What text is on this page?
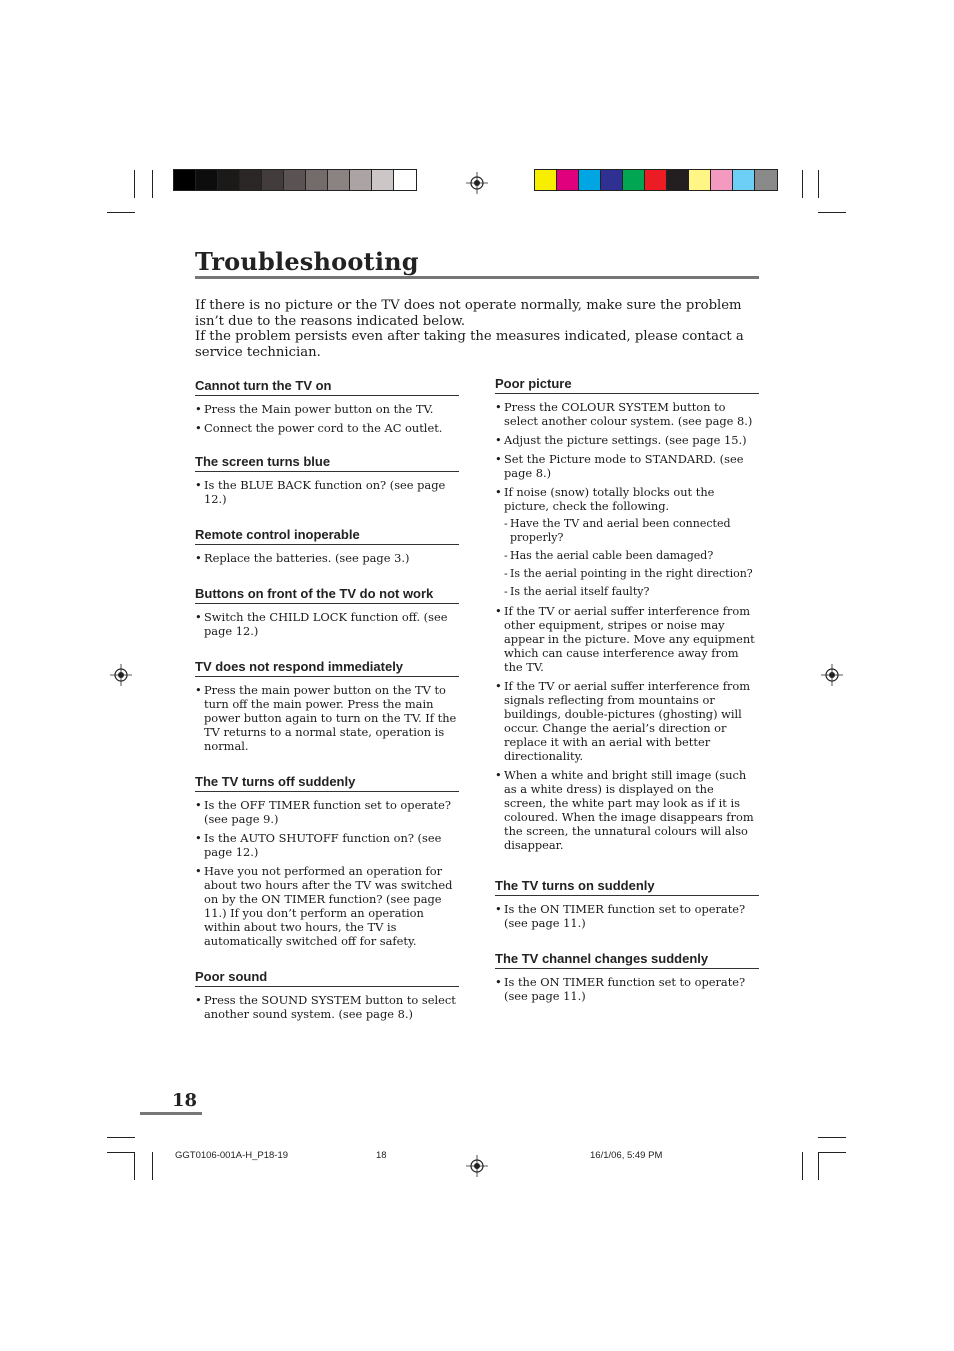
Troubleshooting

If there is no picture or the TV does not operate normally, make sure the problem isn’t due to the reasons indicated below.

If the problem persists even after taking the measures indicated, please contact a service technician.

Cannot turn the TV on
• Press the Main power button on the TV.
• Connect the power cord to the AC outlet.
The screen turns blue
• Is the BLUE BACK function on? (see page 12.)
Remote control inoperable
• Replace the batteries. (see page 3.)
Buttons on front of the TV do not work
• Switch the CHILD LOCK function off. (see page 12.)
TV does not respond immediately
• Press the main power button on the TV to turn off the main power. Press the main power button again to turn on the TV. If the TV returns to a normal state, operation is normal.
The TV turns off suddenly
• Is the OFF TIMER function set to operate? (see page 9.)
• Is the AUTO SHUTOFF function on? (see page 12.)
• Have you not performed an operation for about two hours after the TV was switched on by the ON TIMER function? (see page 11.) If you don’t perform an operation within about two hours, the TV is automatically switched off for safety.
Poor sound
• Press the SOUND SYSTEM button to select another sound system. (see page 8.)
Poor picture
• Press the COLOUR SYSTEM button to select another colour system. (see page 8.)
• Adjust the picture settings. (see page 15.)
• Set the Picture mode to STANDARD. (see page 8.)
• If noise (snow) totally blocks out the picture, check the following.
- Have the TV and aerial been connected properly?
- Has the aerial cable been damaged?
- Is the aerial pointing in the right direction?
- Is the aerial itself faulty?
• If the TV or aerial suffer interference from other equipment, stripes or noise may appear in the picture. Move any equipment which can cause interference away from the TV.
• If the TV or aerial suffer interference from signals reflecting from mountains or buildings, double-pictures (ghosting) will occur. Change the aerial’s direction or replace it with an aerial with better directionality.
• When a white and bright still image (such as a white dress) is displayed on the screen, the white part may look as if it is coloured. When the image disappears from the screen, the unnatural colours will also disappear.
The TV turns on suddenly
• Is the ON TIMER function set to operate? (see page 11.)
The TV channel changes suddenly
• Is the ON TIMER function set to operate? (see page 11.)
18
GGT0106-001A-H_P18-19	18	16/1/06, 5:49 PM
